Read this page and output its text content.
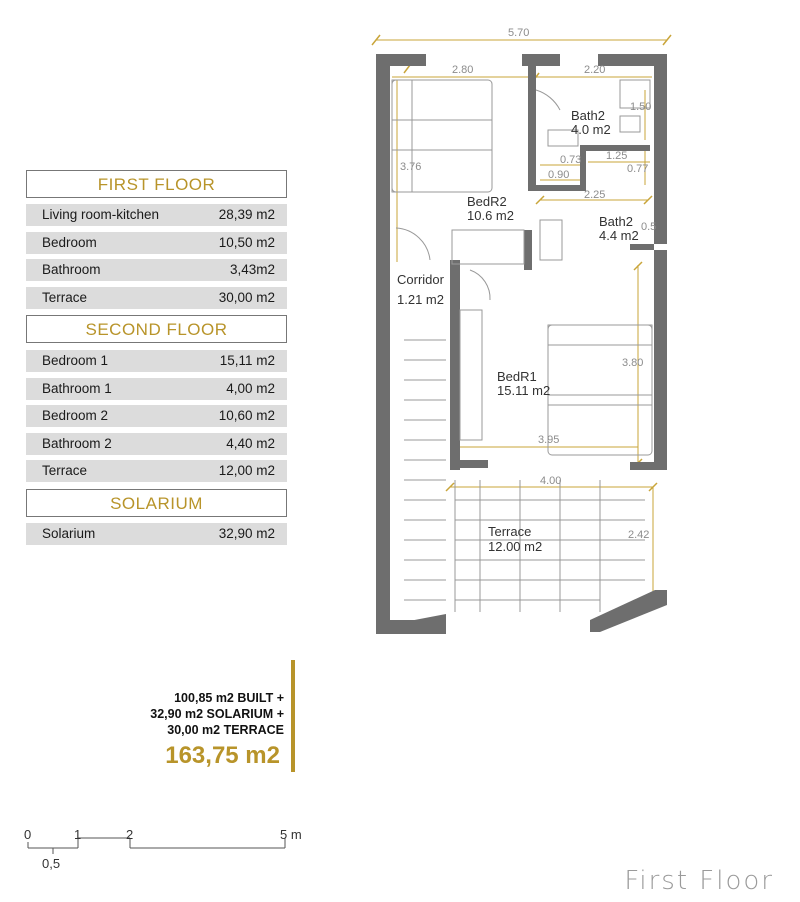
FIRST FLOOR
Living room-kitchen	28,39 m2
Bedroom	10,50 m2
Bathroom	3,43m2
Terrace	30,00 m2
SECOND FLOOR
Bedroom 1	15,11 m2
Bathroom 1	4,00 m2
Bedroom 2	10,60 m2
Bathroom 2	4,40 m2
Terrace	12,00 m2
SOLARIUM
Solarium	32,90 m2
100,85 m2 BUILT +
32,90 m2 SOLARIUM +
30,00 m2 TERRACE
163,75 m2
0	1	2	5 m
0,5
First Floor
5.70
2.80	2.20
3.76
1.50
0.73
0.90
1.25
0.77
2.25
0.5
3.80
3.95
4.00
2.42
Bath2
4.0 m2
BedR2
10.6 m2	Bath2
4.4 m2
Corridor
1.21 m2
BedR1
15.11 m2
Terrace
12.00 m2
